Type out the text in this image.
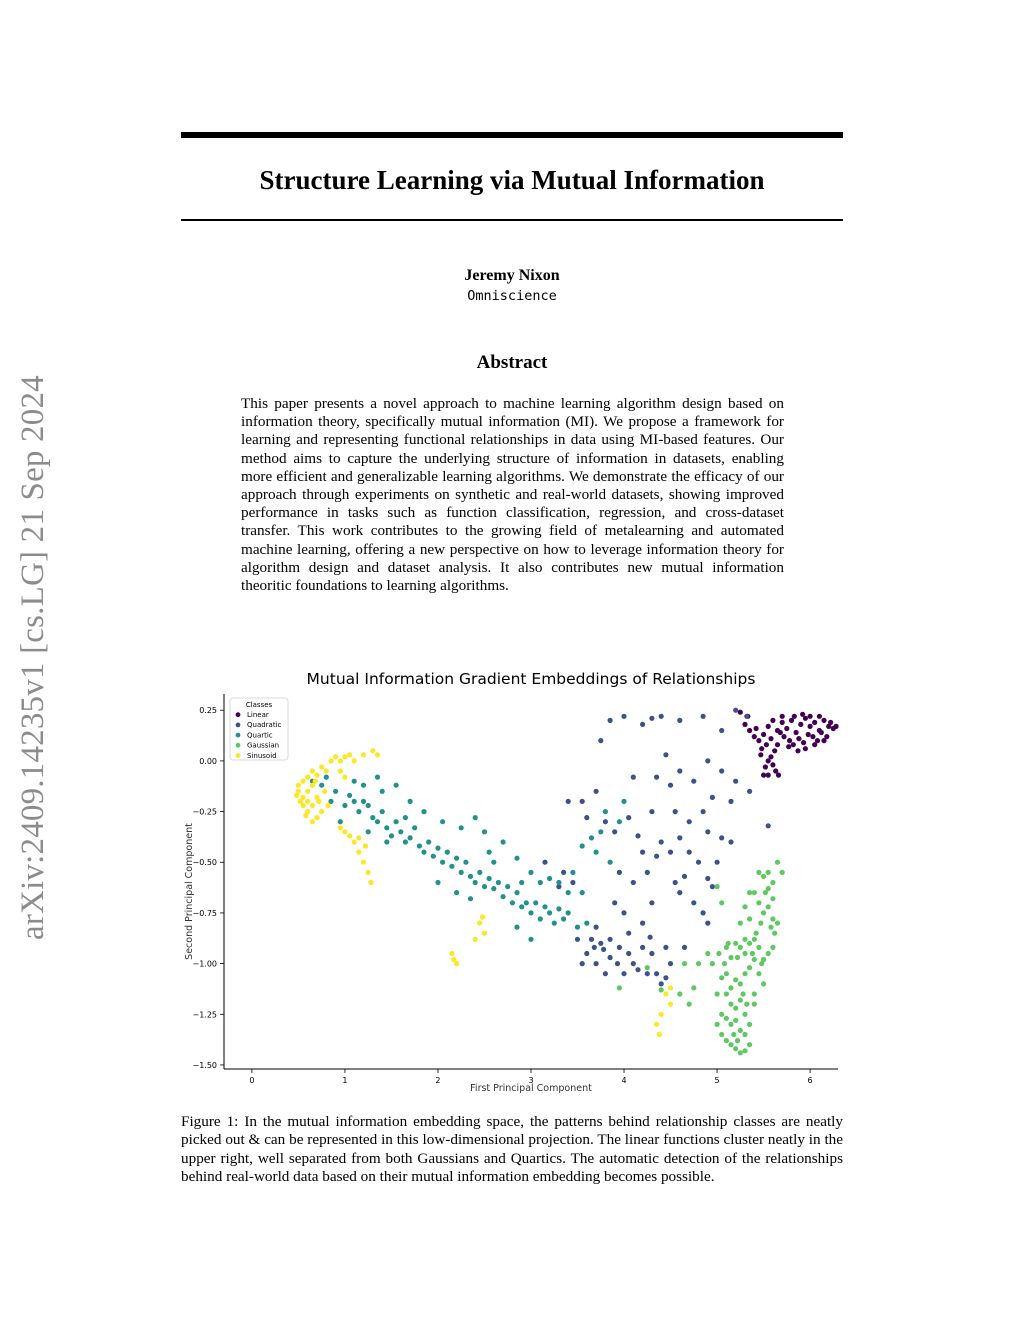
arXiv:2409.14235v1 [cs.LG] 21 Sep 2024
Structure Learning via Mutual Information
Jeremy Nixon
Omniscience
Abstract
This paper presents a novel approach to machine learning algorithm design based on information theory, specifically mutual information (MI). We propose a framework for learning and representing functional relationships in data using MI-based features. Our method aims to capture the underlying structure of information in datasets, enabling more efficient and generalizable learning algorithms. We demonstrate the efficacy of our approach through experiments on synthetic and real-world datasets, showing improved performance in tasks such as function classification, regression, and cross-dataset transfer. This work contributes to the growing field of metalearning and automated machine learning, offering a new perspective on how to leverage information theory for algorithm design and dataset analysis. It also contributes new mutual information theoritic foundations to learning algorithms.
Mutual Information Gradient Embeddings of Relationships
0	1	2	3	4	5	6
0.25
0.00
−0.25
−0.50
−0.75
−1.00
−1.25
−1.50
First Principal Component
Second Principal Component
Classes
Linear
Quadratic
Quartic
Gaussian
Sinusoid
Figure 1: In the mutual information embedding space, the patterns behind relationship classes are neatly picked out & can be represented in this low-dimensional projection. The linear functions cluster neatly in the upper right, well separated from both Gaussians and Quartics. The automatic detection of the relationships behind real-world data based on their mutual information embedding becomes possible.
